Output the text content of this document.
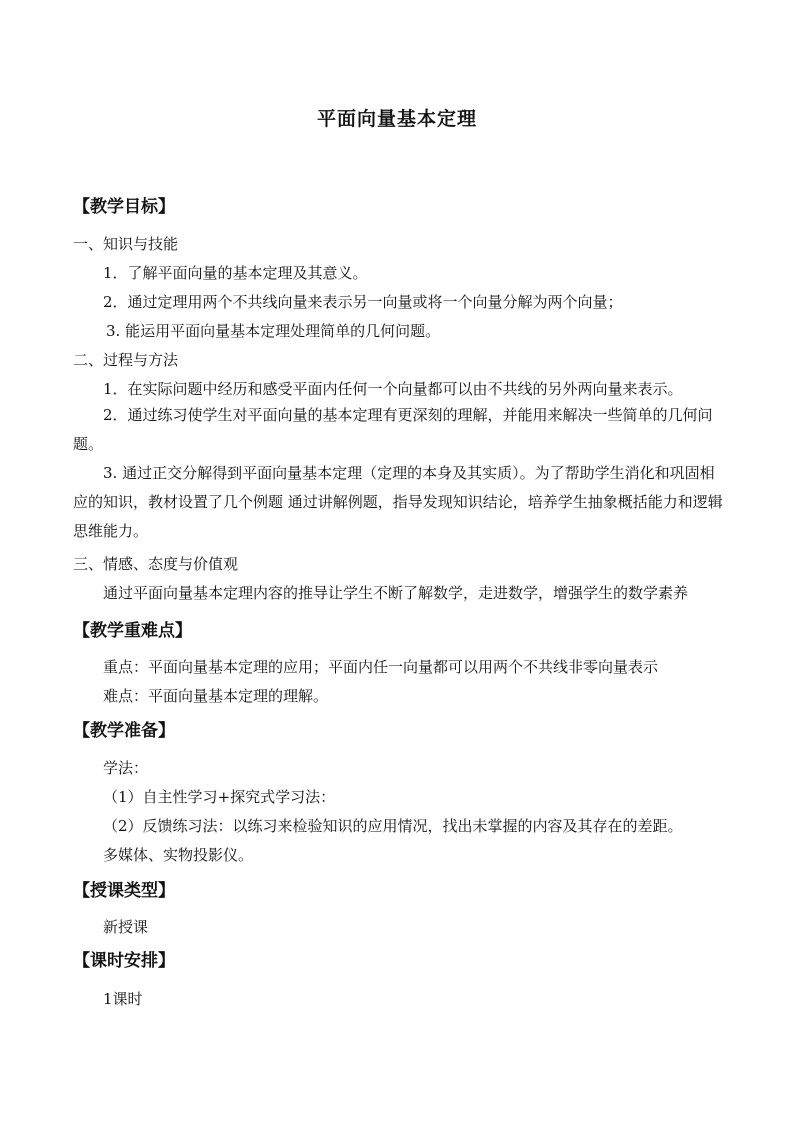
平面向量基本定理
【教学目标】
一、知识与技能
1．了解平面向量的基本定理及其意义。
2．通过定理用两个不共线向量来表示另一向量或将一个向量分解为两个向量；
3. 能运用平面向量基本定理处理简单的几何问题。
二、过程与方法
1．在实际问题中经历和感受平面内任何一个向量都可以由不共线的另外两向量来表示。
2．通过练习使学生对平面向量的基本定理有更深刻的理解，并能用来解决一些简单的几何问题。
3. 通过正交分解得到平面向量基本定理（定理的本身及其实质）。为了帮助学生消化和巩固相应的知识，教材设置了几个例题 通过讲解例题，指导发现知识结论，培养学生抽象概括能力和逻辑思维能力。
三、情感、态度与价值观
通过平面向量基本定理内容的推导让学生不断了解数学，走进数学，增强学生的数学素养
【教学重难点】
重点：平面向量基本定理的应用；平面内任一向量都可以用两个不共线非零向量表示
难点：平面向量基本定理的理解。
【教学准备】
学法：
（1）自主性学习+探究式学习法：
（2）反馈练习法：以练习来检验知识的应用情况，找出未掌握的内容及其存在的差距。
多媒体、实物投影仪。
【授课类型】
新授课
【课时安排】
1课时
